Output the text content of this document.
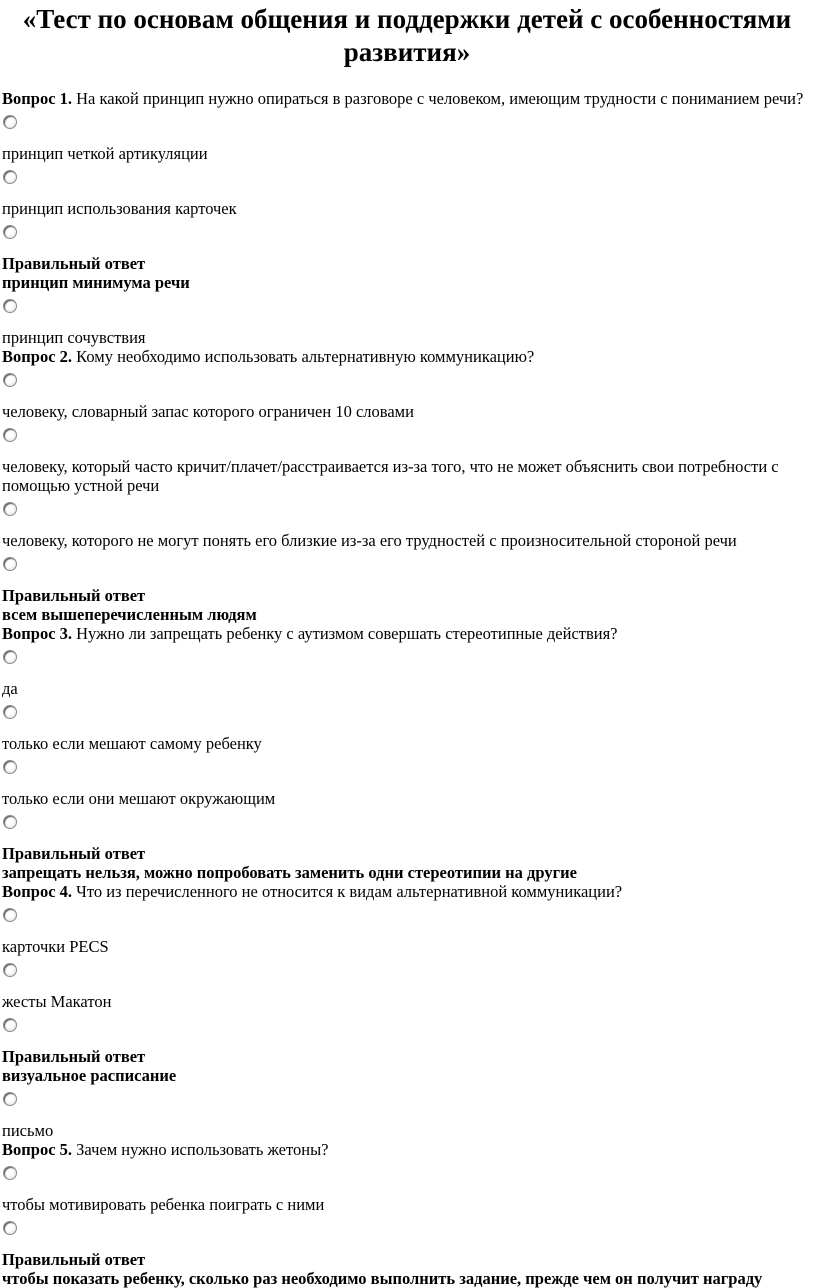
«Тест по основам общения и поддержки детей с особенностями развития»
Вопрос 1. На какой принцип нужно опираться в разговоре с человеком, имеющим трудности с пониманием речи?
принцип четкой артикуляции
принцип использования карточек
Правильный ответ
принцип минимума речи
принцип сочувствия
Вопрос 2. Кому необходимо использовать альтернативную коммуникацию?
человеку, словарный запас которого ограничен 10 словами
человеку, который часто кричит/плачет/расстраивается из-за того, что не может объяснить свои потребности с помощью устной речи
человеку, которого не могут понять его близкие из-за его трудностей с произносительной стороной речи
Правильный ответ
всем вышеперечисленным людям
Вопрос 3. Нужно ли запрещать ребенку с аутизмом совершать стереотипные действия?
да
только если мешают самому ребенку
только если они мешают окружающим
Правильный ответ
запрещать нельзя, можно попробовать заменить одни стереотипии на другие
Вопрос 4. Что из перечисленного не относится к видам альтернативной коммуникации?
карточки PECS
жесты Макатон
Правильный ответ
визуальное расписание
письмо
Вопрос 5. Зачем нужно использовать жетоны?
чтобы мотивировать ребенка поиграть с ними
Правильный ответ
чтобы показать ребенку, сколько раз необходимо выполнить задание, прежде чем он получит награду
